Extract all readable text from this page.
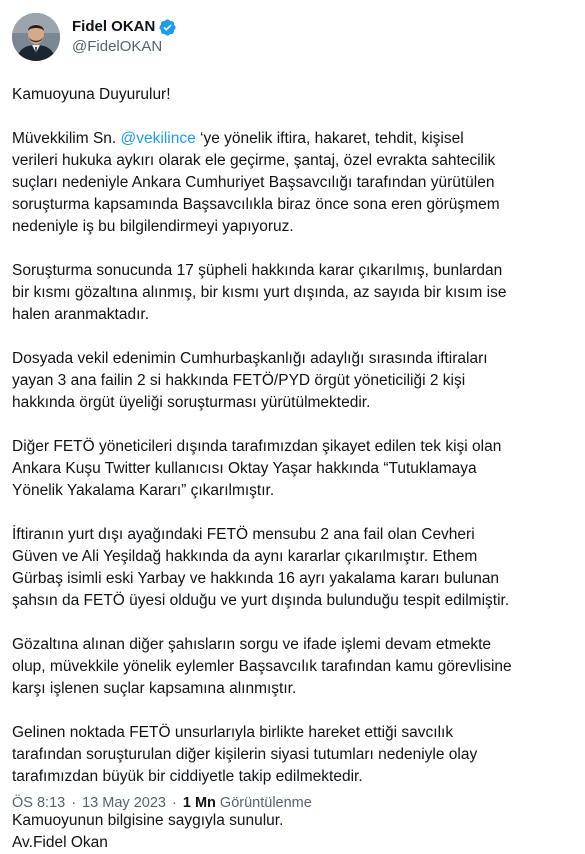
Fidel OKAN
@FidelOKAN

Kamuoyuna Duyurulur!

Müvekkilim Sn. @vekilince ‘ye yönelik iftira, hakaret, tehdit, kişisel
verileri hukuka aykırı olarak ele geçirme, şantaj, özel evrakta sahtecilik
suçları nedeniyle Ankara Cumhuriyet Başsavcılığı tarafından yürütülen
soruşturma kapsamında Başsavcılıkla biraz önce sona eren görüşmem
nedeniyle iş bu bilgilendirmeyi yapıyoruz.

Soruşturma sonucunda 17 şüpheli hakkında karar çıkarılmış, bunlardan
bir kısmı gözaltına alınmış, bir kısmı yurt dışında, az sayıda bir kısım ise
halen aranmaktadır.

Dosyada vekil edenimin Cumhurbaşkanlığı adaylığı sırasında iftiraları
yayan 3 ana failin 2 si hakkında FETÖ/PYD örgüt yöneticiliği 2 kişi
hakkında örgüt üyeliği soruşturması yürütülmektedir.

Diğer FETÖ yöneticileri dışında tarafımızdan şikayet edilen tek kişi olan
Ankara Kuşu Twitter kullanıcısı Oktay Yaşar hakkında “Tutuklamaya
Yönelik Yakalama Kararı” çıkarılmıştır.

İftiranın yurt dışı ayağındaki FETÖ mensubu 2 ana fail olan Cevheri
Güven ve Ali Yeşildağ hakkında da aynı kararlar çıkarılmıştır. Ethem
Gürbaş isimli eski Yarbay ve hakkında 16 ayrı yakalama kararı bulunan
şahsın da FETÖ üyesi olduğu ve yurt dışında bulunduğu tespit edilmiştir.

Gözaltına alınan diğer şahısların sorgu ve ifade işlemi devam etmekte
olup, müvekkile yönelik eylemler Başsavcılık tarafından kamu görevlisine
karşı işlenen suçlar kapsamına alınmıştır.

Gelinen noktada FETÖ unsurlarıyla birlikte hareket ettiği savcılık
tarafından soruşturulan diğer kişilerin siyasi tutumları nedeniyle olay
tarafımızdan büyük bir ciddiyetle takip edilmektedir.

Kamuoyunun bilgisine saygıyla sunulur.
Av.Fidel Okan

ÖS 8:13 · 13 May 2023 · 1 Mn Görüntülenme
